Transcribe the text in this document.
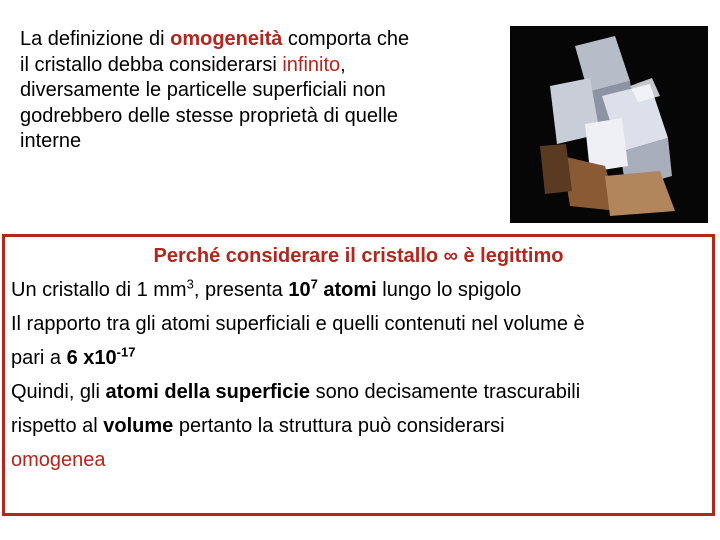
La definizione di omogeneità comporta che
il cristallo debba considerarsi infinito,
diversamente le particelle superficiali non
godrebbero delle stesse proprietà di quelle
interne
Perché considerare il cristallo ∞ è legittimo
Un cristallo di 1 $mm^3$, presenta $10^7$ atomi lungo lo spigolo
Il rapporto tra gli atomi superficiali e quelli contenuti nel volume è
pari a 6 $x10^{-17}$
Quindi, gli atomi della superficie sono decisamente trascurabili
rispetto al volume pertanto la struttura può considerarsi
omogenea
